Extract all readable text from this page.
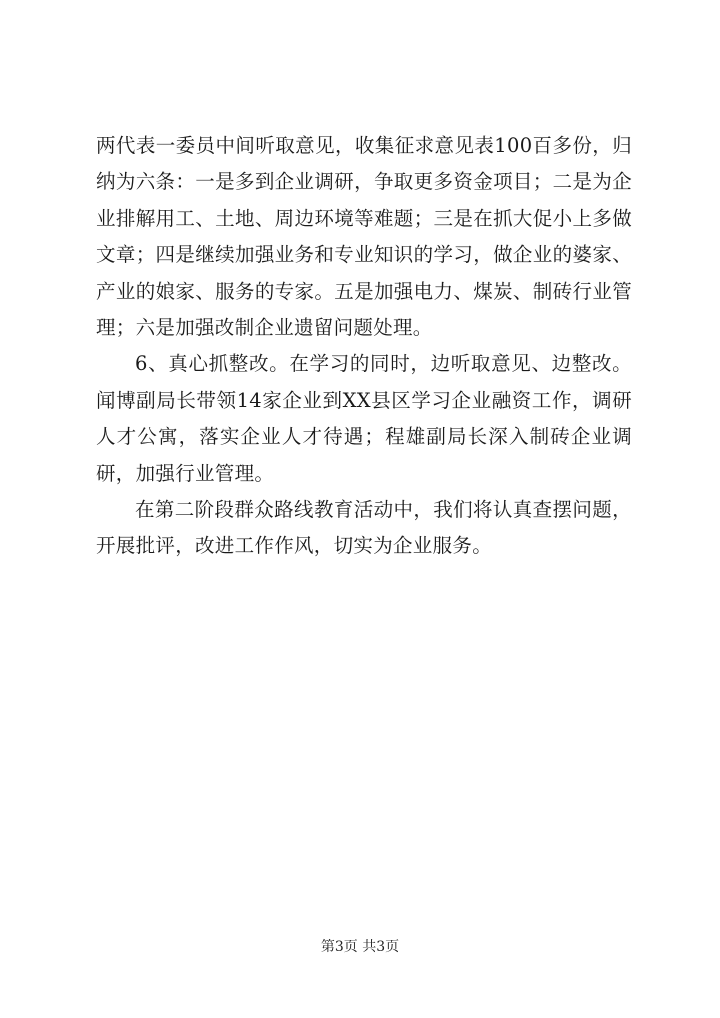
两代表一委员中间听取意见，收集征求意见表100百多份，归纳为六条：一是多到企业调研，争取更多资金项目；二是为企业排解用工、土地、周边环境等难题；三是在抓大促小上多做文章；四是继续加强业务和专业知识的学习，做企业的婆家、产业的娘家、服务的专家。五是加强电力、煤炭、制砖行业管理；六是加强改制企业遗留问题处理。

6、真心抓整改。在学习的同时，边听取意见、边整改。闻博副局长带领14家企业到XX县区学习企业融资工作，调研人才公寓，落实企业人才待遇；程雄副局长深入制砖企业调研，加强行业管理。

在第二阶段群众路线教育活动中，我们将认真查摆问题，开展批评，改进工作作风，切实为企业服务。

第3页 共3页
